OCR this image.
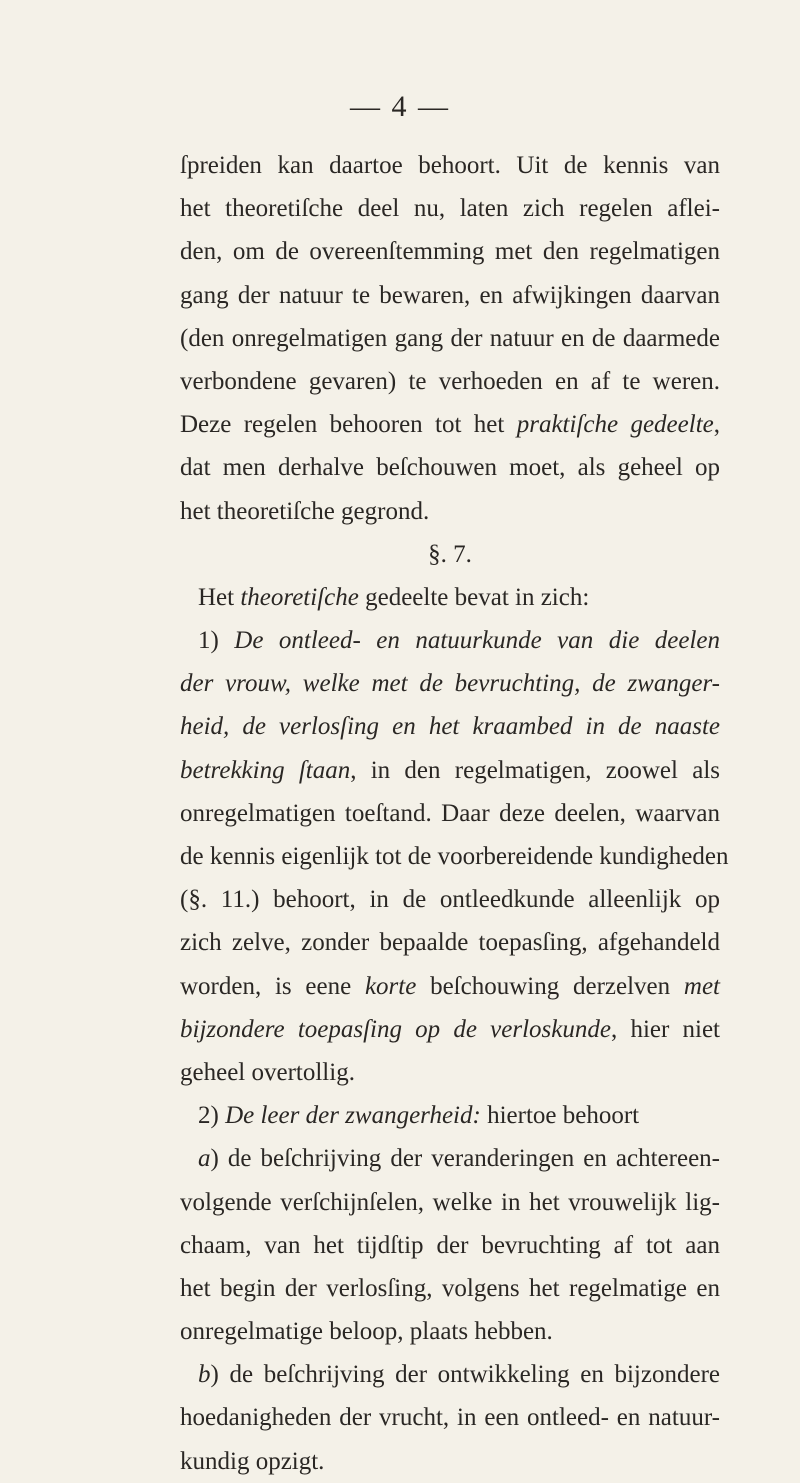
— 4 —
ſpreiden kan daartoe behoort. Uit de kennis van
het theoretiſche deel nu, laten zich regelen aflei-
den, om de overeenſtemming met den regelmatigen
gang der natuur te bewaren, en afwijkingen daarvan
(den onregelmatigen gang der natuur en de daarmede
verbondene gevaren) te verhoeden en af te weren.
Deze regelen behooren tot het praktiſche gedeelte,
dat men derhalve beſchouwen moet, als geheel op
het theoretiſche gegrond.
§. 7.
Het theoretiſche gedeelte bevat in zich:
1) De ontleed- en natuurkunde van die deelen
der vrouw, welke met de bevruchting, de zwanger-
heid, de verlosſing en het kraambed in de naaste
betrekking ſtaan, in den regelmatigen, zoowel als
onregelmatigen toeſtand. Daar deze deelen, waarvan
de kennis eigenlijk tot de voorbereidende kundigheden
(§. 11.) behoort, in de ontleedkunde alleenlijk op
zich zelve, zonder bepaalde toepasſing, afgehandeld
worden, is eene korte beſchouwing derzelven met
bijzondere toepasſing op de verloskunde, hier niet
geheel overtollig.
2) De leer der zwangerheid: hiertoe behoort
a) de beſchrijving der veranderingen en achtereen-
volgende verſchijnſelen, welke in het vrouwelijk lig-
chaam, van het tijdſtip der bevruchting af tot aan
het begin der verlosſing, volgens het regelmatige en
onregelmatige beloop, plaats hebben.
b) de beſchrijving der ontwikkeling en bijzondere
hoedanigheden der vrucht, in een ontleed- en natuur-
kundig opzigt.
